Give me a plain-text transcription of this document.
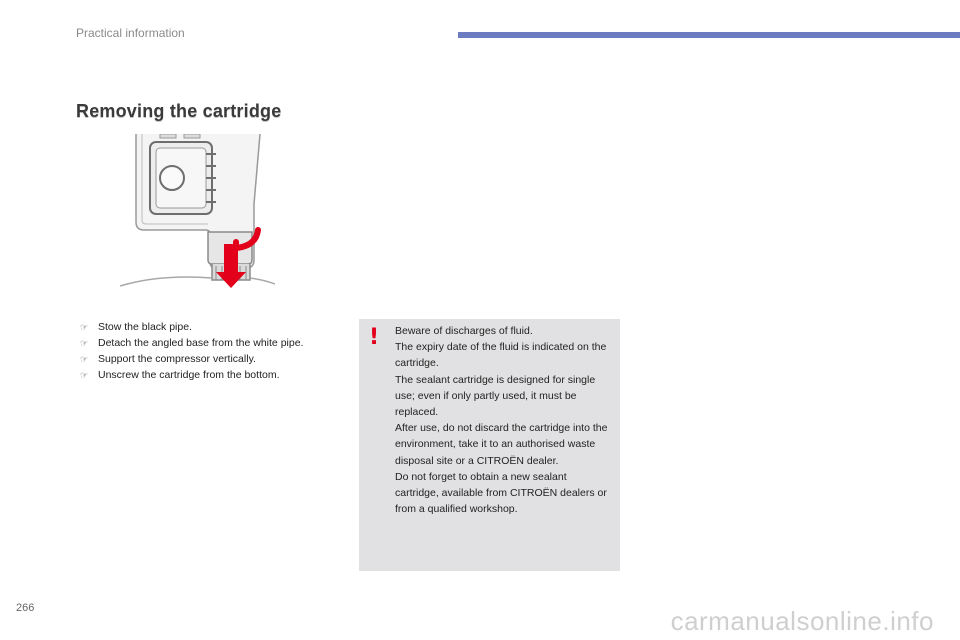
Practical information
Removing the cartridge
☞ Stow the black pipe.
☞ Detach the angled base from the white pipe.
☞ Support the compressor vertically.
☞ Unscrew the cartridge from the bottom.
! Beware of discharges of fluid.

The expiry date of the fluid is indicated on the cartridge.

The sealant cartridge is designed for single use; even if only partly used, it must be replaced.

After use, do not discard the cartridge into the environment, take it to an authorised waste disposal site or a CITROËN dealer.

Do not forget to obtain a new sealant cartridge, available from CITROËN dealers or from a qualified workshop.

266	carmanualsonline.info
